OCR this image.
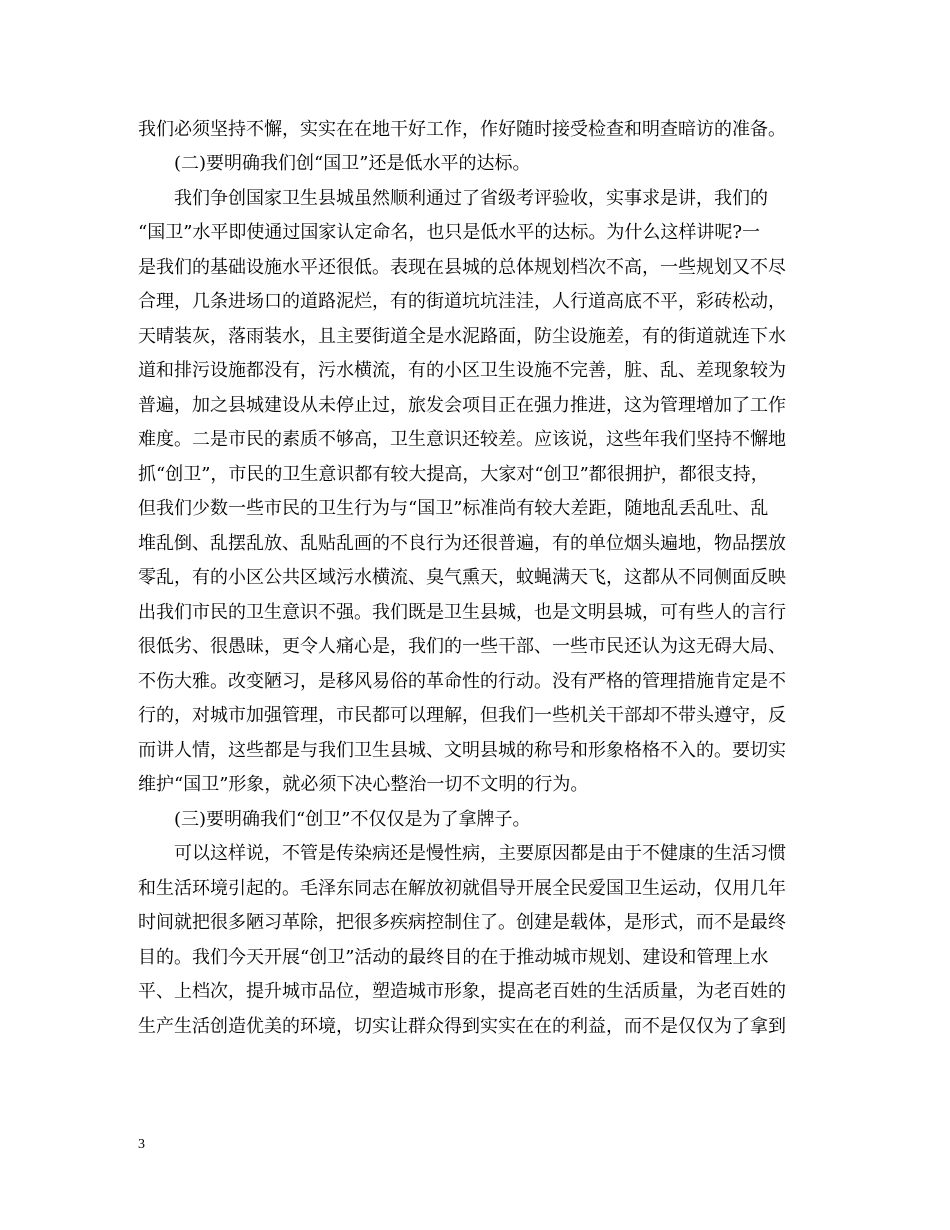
我们必须坚持不懈，实实在在地干好工作，作好随时接受检查和明查暗访的准备。
(二)要明确我们创“国卫”还是低水平的达标。
我们争创国家卫生县城虽然顺利通过了省级考评验收，实事求是讲，我们的
“国卫”水平即使通过国家认定命名，也只是低水平的达标。为什么这样讲呢?一
是我们的基础设施水平还很低。表现在县城的总体规划档次不高，一些规划又不尽
合理，几条进场口的道路泥烂，有的街道坑坑洼洼，人行道高底不平，彩砖松动，
天晴装灰，落雨装水，且主要街道全是水泥路面，防尘设施差，有的街道就连下水
道和排污设施都没有，污水横流，有的小区卫生设施不完善，脏、乱、差现象较为
普遍，加之县城建设从未停止过，旅发会项目正在强力推进，这为管理增加了工作
难度。二是市民的素质不够高，卫生意识还较差。应该说，这些年我们坚持不懈地
抓“创卫”，市民的卫生意识都有较大提高，大家对“创卫”都很拥护，都很支持，
但我们少数一些市民的卫生行为与“国卫”标准尚有较大差距，随地乱丢乱吐、乱
堆乱倒、乱摆乱放、乱贴乱画的不良行为还很普遍，有的单位烟头遍地，物品摆放
零乱，有的小区公共区域污水横流、臭气熏天，蚊蝇满天飞，这都从不同侧面反映
出我们市民的卫生意识不强。我们既是卫生县城，也是文明县城，可有些人的言行
很低劣、很愚昧，更令人痛心是，我们的一些干部、一些市民还认为这无碍大局、
不伤大雅。改变陋习，是移风易俗的革命性的行动。没有严格的管理措施肯定是不
行的，对城市加强管理，市民都可以理解，但我们一些机关干部却不带头遵守，反
而讲人情，这些都是与我们卫生县城、文明县城的称号和形象格格不入的。要切实
维护“国卫”形象，就必须下决心整治一切不文明的行为。
(三)要明确我们“创卫”不仅仅是为了拿牌子。
可以这样说，不管是传染病还是慢性病，主要原因都是由于不健康的生活习惯
和生活环境引起的。毛泽东同志在解放初就倡导开展全民爱国卫生运动，仅用几年
时间就把很多陋习革除，把很多疾病控制住了。创建是载体，是形式，而不是最终
目的。我们今天开展“创卫”活动的最终目的在于推动城市规划、建设和管理上水
平、上档次，提升城市品位，塑造城市形象，提高老百姓的生活质量，为老百姓的
生产生活创造优美的环境，切实让群众得到实实在在的利益，而不是仅仅为了拿到
3
